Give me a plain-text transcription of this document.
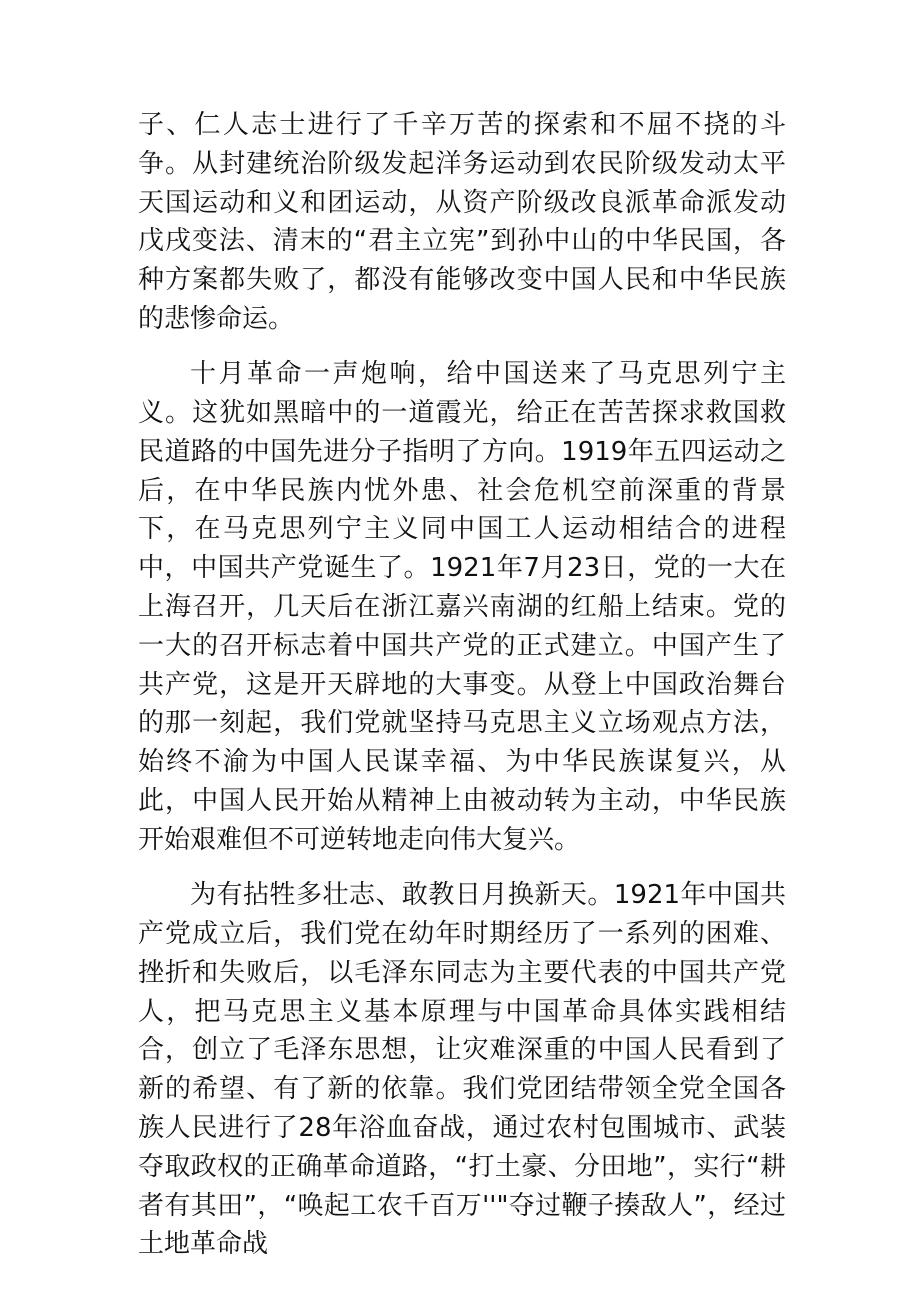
子、仁人志士进行了千辛万苦的探索和不屈不挠的斗争。从封建统治阶级发起洋务运动到农民阶级发动太平天国运动和义和团运动，从资产阶级改良派革命派发动戊戌变法、清末的“君主立宪”到孙中山的中华民国，各种方案都失败了，都没有能够改变中国人民和中华民族的悲惨命运。

十月革命一声炮响，给中国送来了马克思列宁主义。这犹如黑暗中的一道霞光，给正在苦苦探求救国救民道路的中国先进分子指明了方向。1919年五四运动之后，在中华民族内忧外患、社会危机空前深重的背景下，在马克思列宁主义同中国工人运动相结合的进程中，中国共产党诞生了。1921年7月23日，党的一大在上海召开，几天后在浙江嘉兴南湖的红船上结束。党的一大的召开标志着中国共产党的正式建立。中国产生了共产党，这是开天辟地的大事变。从登上中国政治舞台的那一刻起，我们党就坚持马克思主义立场观点方法，始终不渝为中国人民谋幸福、为中华民族谋复兴，从此，中国人民开始从精神上由被动转为主动，中华民族开始艰难但不可逆转地走向伟大复兴。

为有拈牲多壮志、敢教日月换新天。1921年中国共产党成立后，我们党在幼年时期经历了一系列的困难、挫折和失败后，以毛泽东同志为主要代表的中国共产党人，把马克思主义基本原理与中国革命具体实践相结合，创立了毛泽东思想，让灾难深重的中国人民看到了新的希望、有了新的依靠。我们党团结带领全党全国各族人民进行了28年浴血奋战，通过农村包围城市、武装夺取政权的正确革命道路，“打土豪、分田地”，实行“耕者有其田”，“唤起工农千百万''"夺过鞭子揍敌人”，经过土地革命战
